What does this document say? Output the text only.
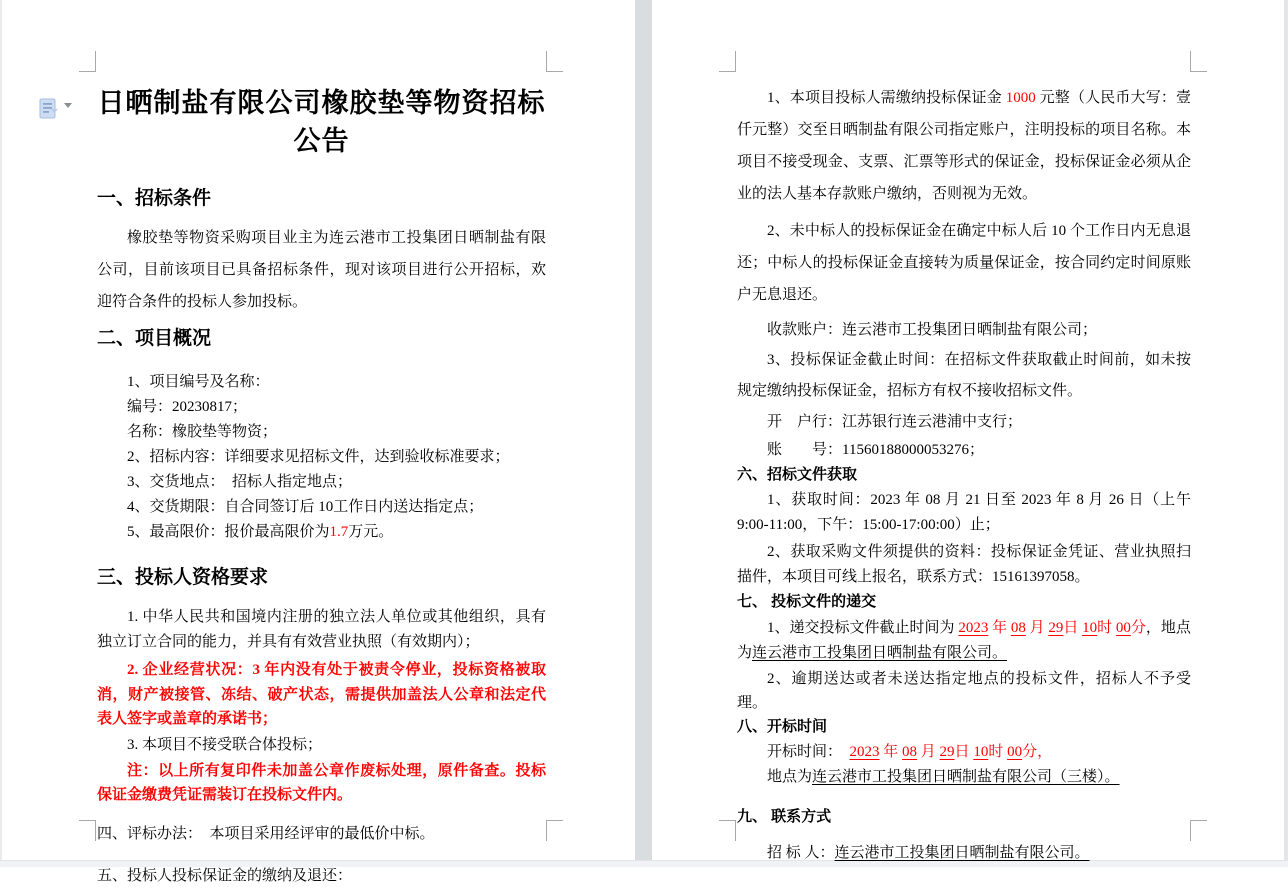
日晒制盐有限公司橡胶垫等物资招标公告
一、招标条件
橡胶垫等物资采购项目业主为连云港市工投集团日晒制盐有限公司，目前该项目已具备招标条件，现对该项目进行公开招标，欢迎符合条件的投标人参加投标。
二、项目概况
1、项目编号及名称：
编号：20230817；
名称：橡胶垫等物资；
2、招标内容：详细要求见招标文件，达到验收标准要求；
3、交货地点：　招标人指定地点；
4、交货期限：自合同签订后 10工作日内送达指定点；
5、最高限价：报价最高限价为1.7万元。
三、投标人资格要求
1. 中华人民共和国境内注册的独立法人单位或其他组织，具有独立订立合同的能力，并具有有效营业执照（有效期内）；
2. 企业经营状况：3 年内没有处于被责令停业，投标资格被取消，财产被接管、冻结、破产状态，需提供加盖法人公章和法定代表人签字或盖章的承诺书；
3. 本项目不接受联合体投标；
注：以上所有复印件未加盖公章作废标处理，原件备查。投标保证金缴费凭证需装订在投标文件内。
四、评标办法：　本项目采用经评审的最低价中标。
五、投标人投标保证金的缴纳及退还：
1、本项目投标人需缴纳投标保证金 1000 元整（人民币大写：壹仟元整）交至日晒制盐有限公司指定账户，注明投标的项目名称。本项目不接受现金、支票、汇票等形式的保证金，投标保证金必须从企业的法人基本存款账户缴纳，否则视为无效。
2、未中标人的投标保证金在确定中标人后 10 个工作日内无息退还；中标人的投标保证金直接转为质量保证金，按合同约定时间原账户无息退还。
收款账户：连云港市工投集团日晒制盐有限公司；
3、投标保证金截止时间：在招标文件获取截止时间前，如未按规定缴纳投标保证金，招标方有权不接收招标文件。
开　户行：江苏银行连云港浦中支行；
账　　号：11560188000053276；
六、招标文件获取
1、获取时间：2023 年 08 月 21 日至 2023 年 8 月 26 日（上午 9:00-11:00，下午：15:00-17:00:00）止；
2、获取采购文件须提供的资料：投标保证金凭证、营业执照扫描件，本项目可线上报名，联系方式：15161397058。
七、 投标文件的递交
1、递交投标文件截止时间为 2023 年 08 月 29日 10时 00分，地点为连云港市工投集团日晒制盐有限公司。
2、逾期送达或者未送达指定地点的投标文件，招标人不予受理。
八、开标时间
开标时间：　2023 年 08 月 29日 10时 00分，
地点为连云港市工投集团日晒制盐有限公司（三楼）。
九、 联系方式
招 标 人：连云港市工投集团日晒制盐有限公司。
